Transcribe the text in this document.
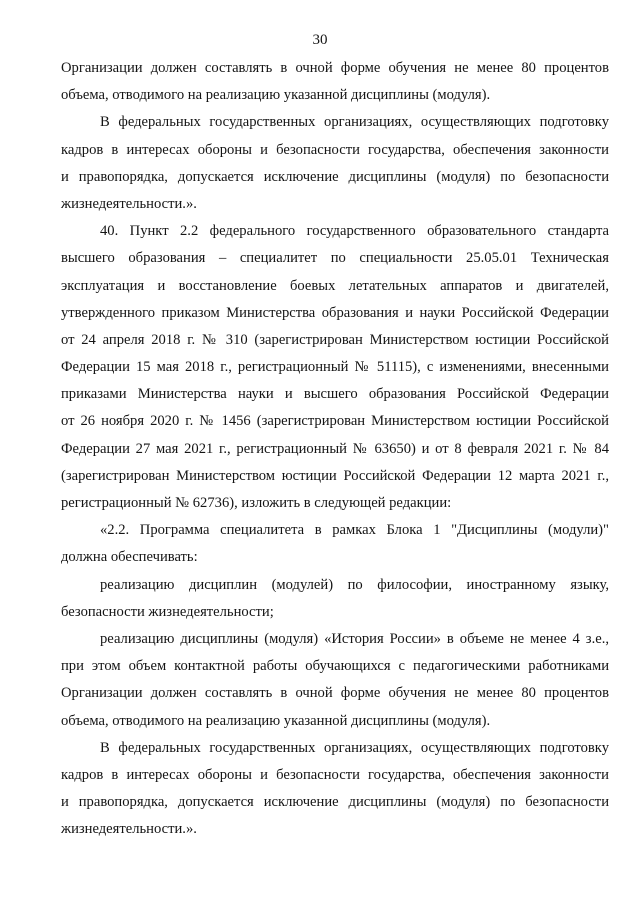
30
Организации должен составлять в очной форме обучения не менее 80 процентов
объема, отводимого на реализацию указанной дисциплины (модуля).
В федеральных государственных организациях, осуществляющих подготовку
кадров в интересах обороны и безопасности государства, обеспечения законности
и правопорядка, допускается исключение дисциплины (модуля) по безопасности
жизнедеятельности.».
40. Пункт 2.2 федерального государственного образовательного стандарта
высшего образования – специалитет по специальности 25.05.01 Техническая
эксплуатация и восстановление боевых летательных аппаратов и двигателей,
утвержденного приказом Министерства образования и науки Российской Федерации
от 24 апреля 2018 г. № 310 (зарегистрирован Министерством юстиции Российской
Федерации 15 мая 2018 г., регистрационный № 51115), с изменениями, внесенными
приказами Министерства науки и высшего образования Российской Федерации
от 26 ноября 2020 г. № 1456 (зарегистрирован Министерством юстиции Российской
Федерации 27 мая 2021 г., регистрационный № 63650) и от 8 февраля 2021 г. № 84
(зарегистрирован Министерством юстиции Российской Федерации 12 марта 2021 г.,
регистрационный № 62736), изложить в следующей редакции:
«2.2. Программа специалитета в рамках Блока 1 "Дисциплины (модули)"
должна обеспечивать:
реализацию дисциплин (модулей) по философии, иностранному языку,
безопасности жизнедеятельности;
реализацию дисциплины (модуля) «История России» в объеме не менее 4 з.е.,
при этом объем контактной работы обучающихся с педагогическими работниками
Организации должен составлять в очной форме обучения не менее 80 процентов
объема, отводимого на реализацию указанной дисциплины (модуля).
В федеральных государственных организациях, осуществляющих подготовку
кадров в интересах обороны и безопасности государства, обеспечения законности
и правопорядка, допускается исключение дисциплины (модуля) по безопасности
жизнедеятельности.».
